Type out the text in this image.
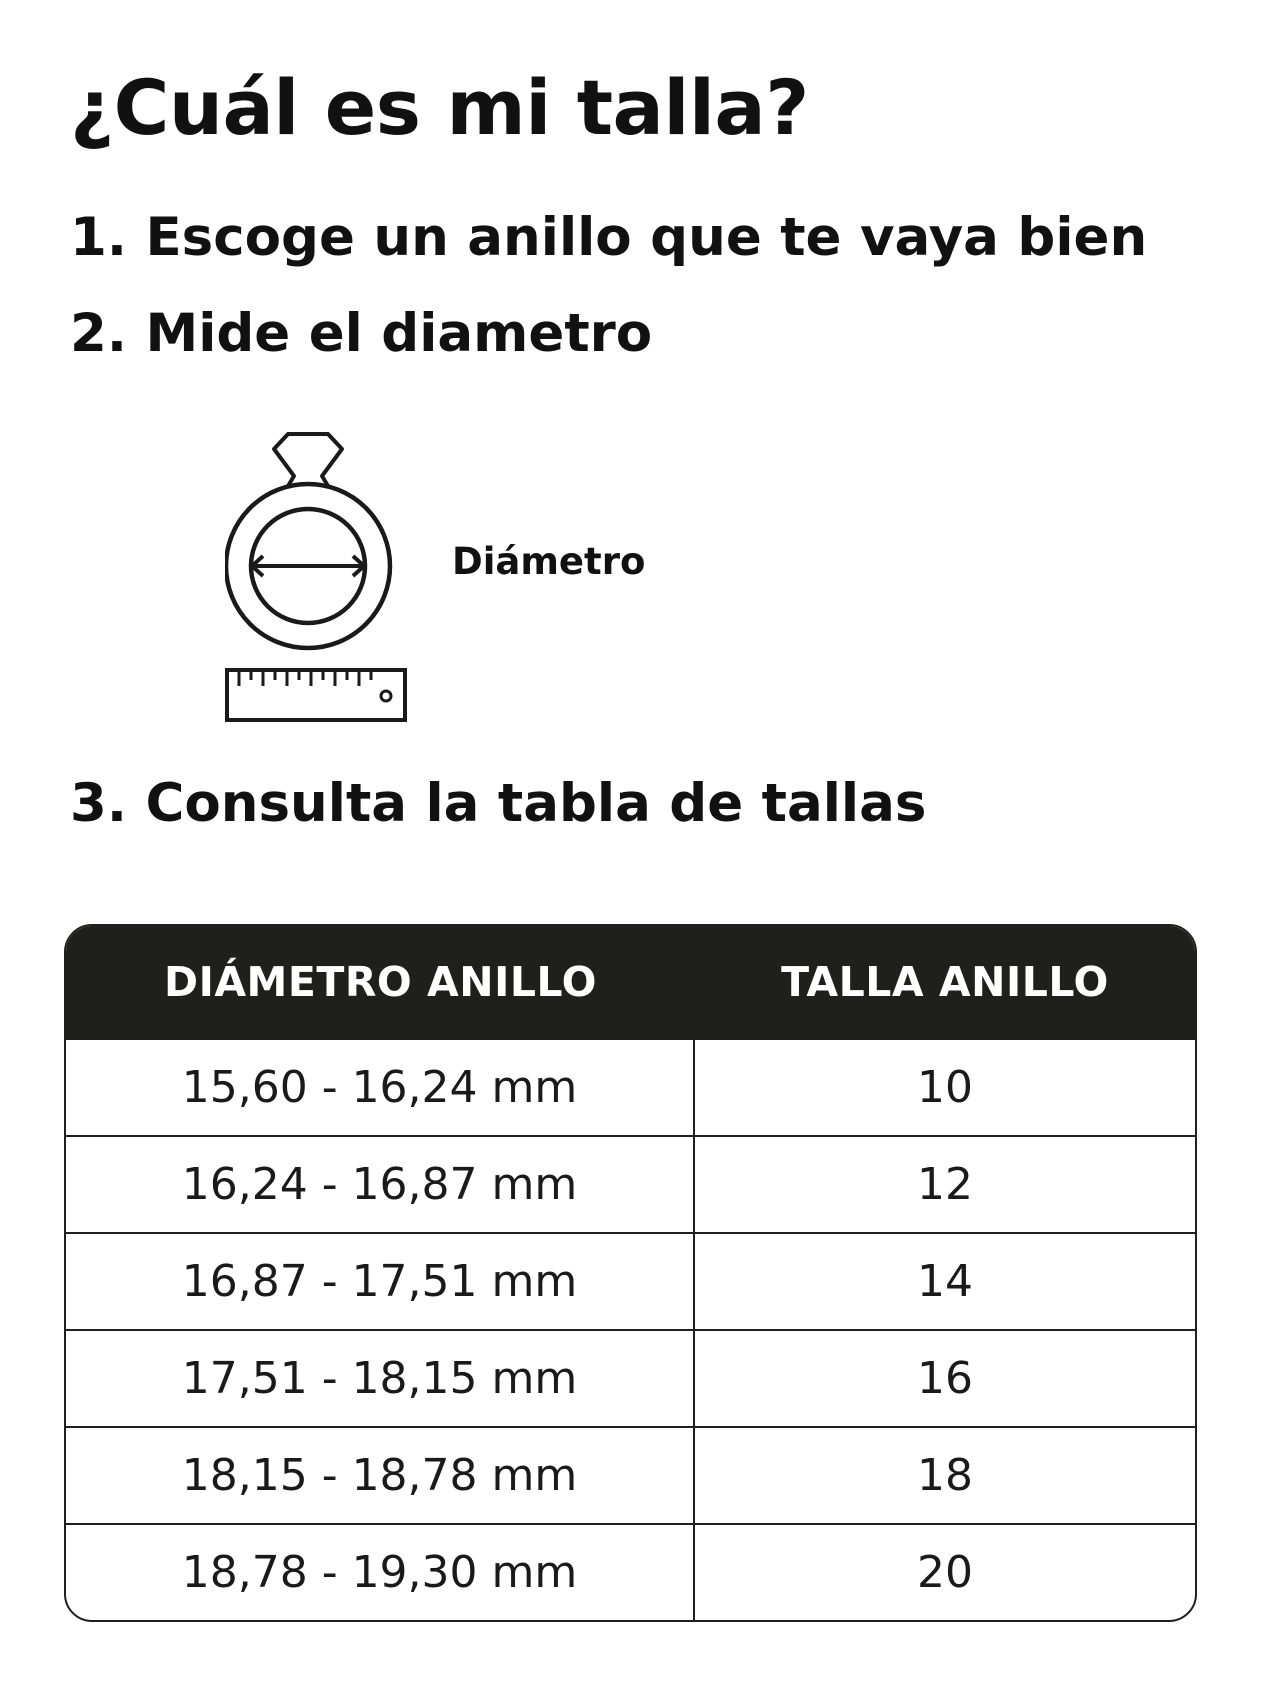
¿Cuál es mi talla?
1. Escoge un anillo que te vaya bien
2. Mide el diametro
Diámetro
3. Consulta la tabla de tallas
DIÁMETRO ANILLO	TALLA ANILLO
15,60 - 16,24 mm	10
16,24 - 16,87 mm	12
16,87 - 17,51 mm	14
17,51 - 18,15 mm	16
18,15 - 18,78 mm	18
18,78 - 19,30 mm	20
